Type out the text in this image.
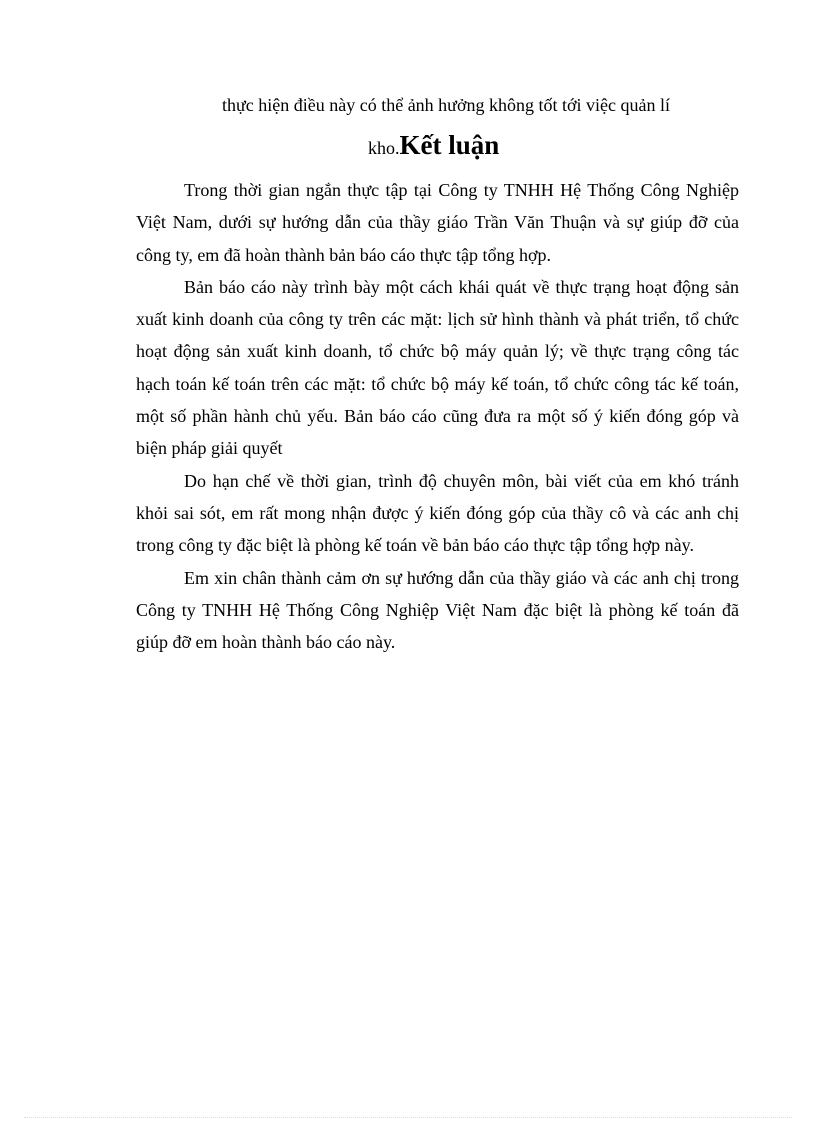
thực hiện điều này có thể ảnh hưởng không tốt tới việc quản lí
kho.Kết luận

Trong thời gian ngắn thực tập tại Công ty TNHH Hệ Thống Công Nghiệp Việt Nam, dưới sự hướng dẫn của thầy giáo Trần Văn Thuận và sự giúp đỡ của công ty, em đã hoàn thành bản báo cáo thực tập tổng hợp.

Bản báo cáo này trình bày một cách khái quát về thực trạng hoạt động sản xuất kinh doanh của công ty trên các mặt: lịch sử hình thành và phát triển, tổ chức hoạt động sản xuất kinh doanh, tổ chức bộ máy quản lý; về thực trạng công tác hạch toán kế toán trên các mặt: tổ chức bộ máy kế toán, tổ chức công tác kế toán, một số phần hành chủ yếu. Bản báo cáo cũng đưa ra một số ý kiến đóng góp và biện pháp giải quyết

Do hạn chế về thời gian, trình độ chuyên môn, bài viết của em khó tránh khỏi sai sót, em rất mong nhận được ý kiến đóng góp của thầy cô và các anh chị trong công ty đặc biệt là phòng kế toán về bản báo cáo thực tập tổng hợp này.

Em xin chân thành cảm ơn sự hướng dẫn của thầy giáo và các anh chị trong Công ty TNHH Hệ Thống Công Nghiệp Việt Nam đặc biệt là phòng kế toán đã giúp đỡ em hoàn thành báo cáo này.
